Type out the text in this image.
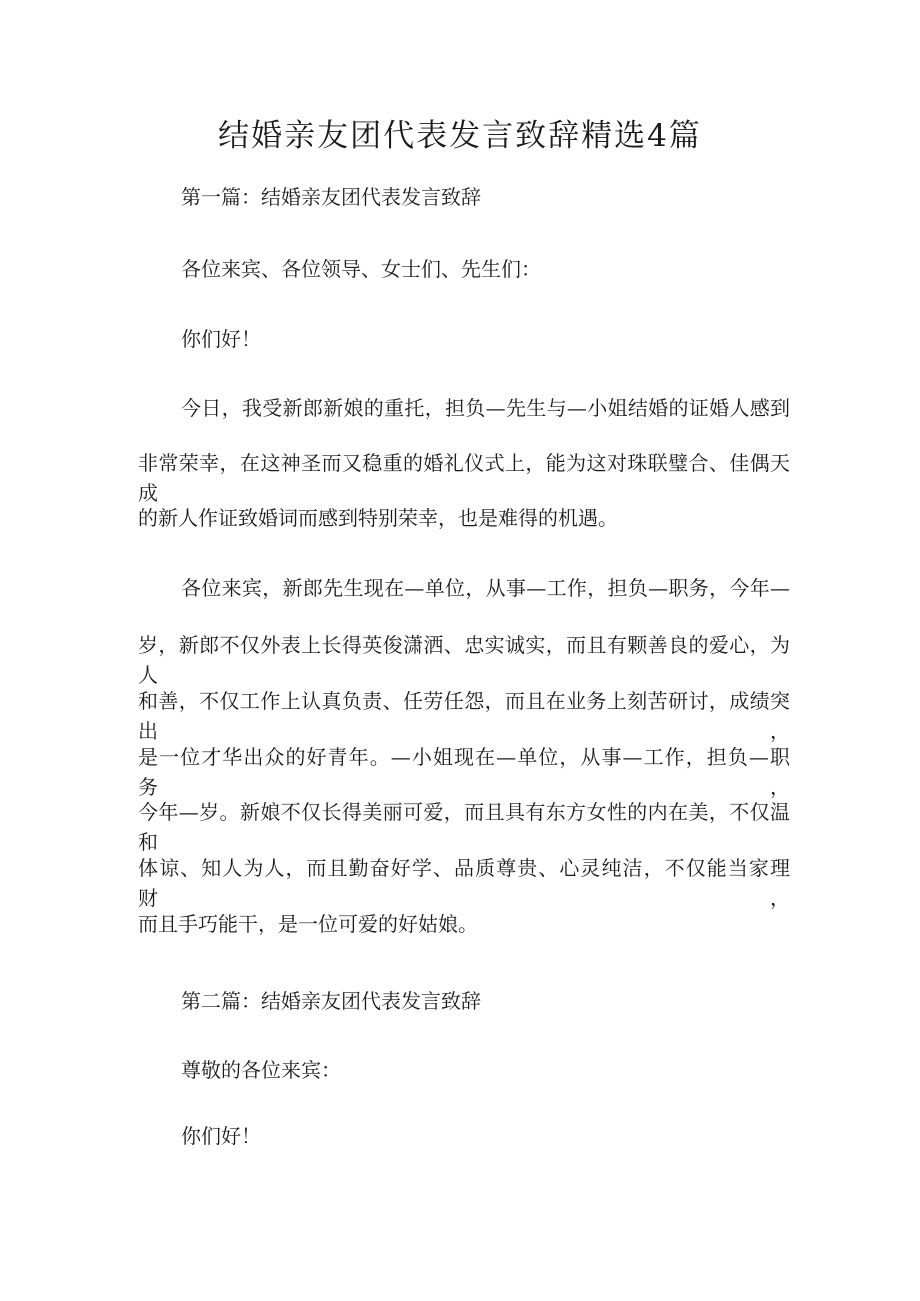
结婚亲友团代表发言致辞精选4篇

第一篇：结婚亲友团代表发言致辞

各位来宾、各位领导、女士们、先生们：

你们好！

今日，我受新郎新娘的重托，担负—先生与—小姐结婚的证婚人感到

非常荣幸，在这神圣而又稳重的婚礼仪式上，能为这对珠联璧合、佳偶天成

的新人作证致婚词而感到特别荣幸，也是难得的机遇。

各位来宾，新郎先生现在—单位，从事—工作，担负—职务，今年—

岁，新郎不仅外表上长得英俊潇洒、忠实诚实，而且有颗善良的爱心，为人

和善，不仅工作上认真负责、任劳任怨，而且在业务上刻苦研讨，成绩突出，

是一位才华出众的好青年。—小姐现在—单位，从事—工作，担负—职务，

今年—岁。新娘不仅长得美丽可爱，而且具有东方女性的内在美，不仅温和

体谅、知人为人，而且勤奋好学、品质尊贵、心灵纯洁，不仅能当家理财，

而且手巧能干，是一位可爱的好姑娘。

第二篇：结婚亲友团代表发言致辞

尊敬的各位来宾：

你们好！
